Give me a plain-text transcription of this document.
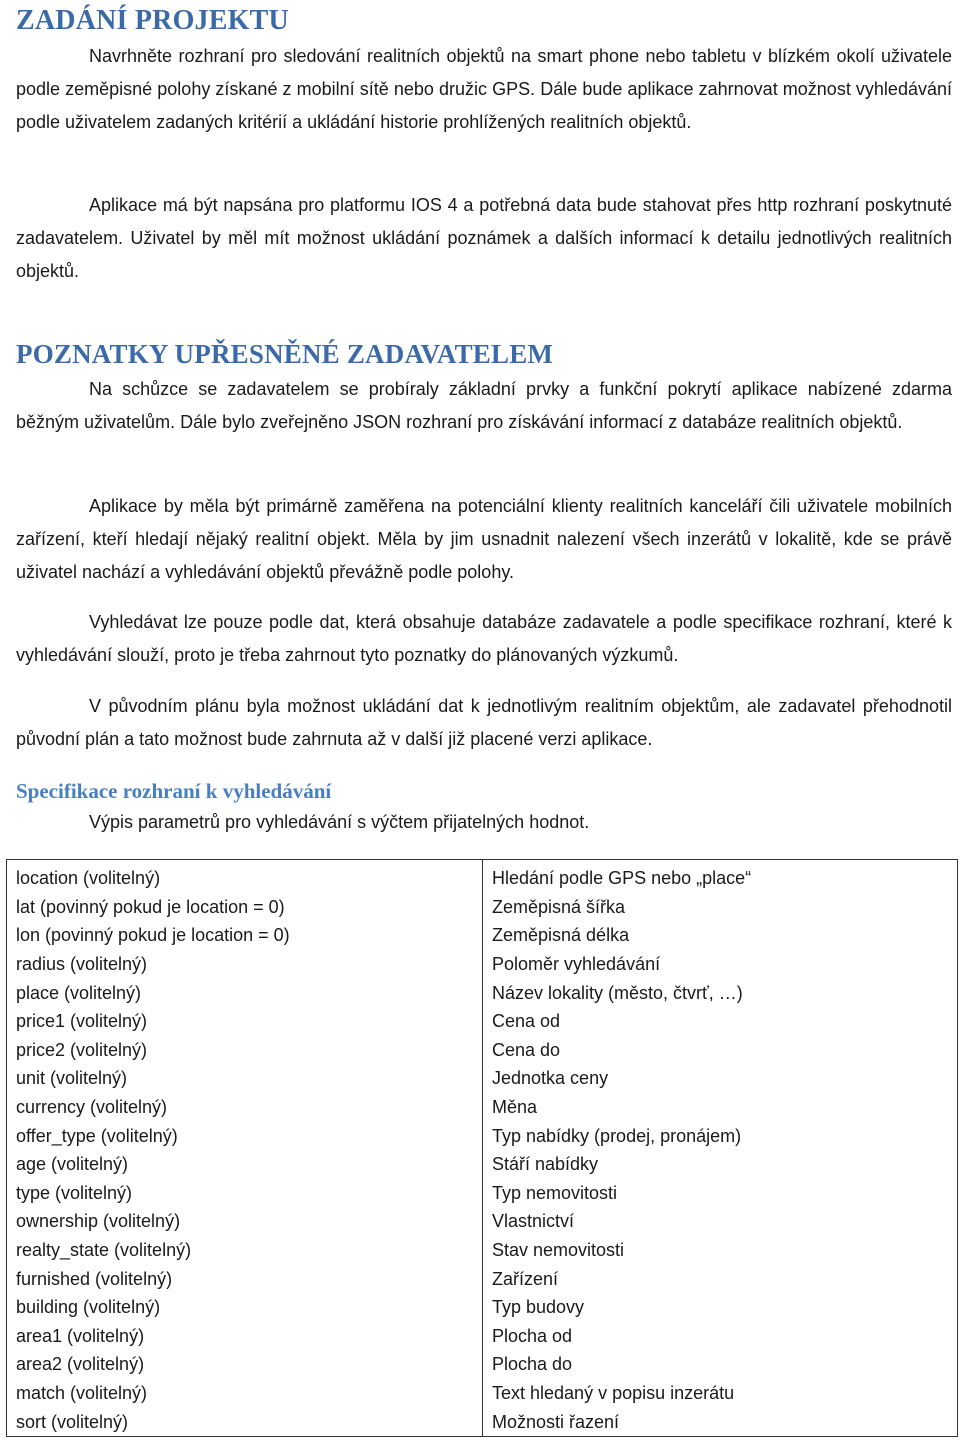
ZADÁNÍ PROJEKTU

Navrhněte rozhraní pro sledování realitních objektů na smart phone nebo tabletu v blízkém okolí uživatele podle zeměpisné polohy získané z mobilní sítě nebo družic GPS. Dále bude aplikace zahrnovat možnost vyhledávání podle uživatelem zadaných kritérií a ukládání historie prohlížených realitních objektů.

Aplikace má být napsána pro platformu IOS 4 a potřebná data bude stahovat přes http rozhraní poskytnuté zadavatelem. Uživatel by měl mít možnost ukládání poznámek a dalších informací k detailu jednotlivých realitních objektů.

POZNATKY UPŘESNĚNÉ ZADAVATELEM

Na schůzce se zadavatelem se probíraly základní prvky a funkční pokrytí aplikace nabízené zdarma běžným uživatelům. Dále bylo zveřejněno JSON rozhraní pro získávání informací z databáze realitních objektů.

Aplikace by měla být primárně zaměřena na potenciální klienty realitních kanceláří čili uživatele mobilních zařízení, kteří hledají nějaký realitní objekt. Měla by jim usnadnit nalezení všech inzerátů v lokalitě, kde se právě uživatel nachází a vyhledávání objektů převážně podle polohy.

Vyhledávat lze pouze podle dat, která obsahuje databáze zadavatele a podle specifikace rozhraní, které k vyhledávání slouží, proto je třeba zahrnout tyto poznatky do plánovaných výzkumů.

V původním plánu byla možnost ukládání dat k jednotlivým realitním objektům, ale zadavatel přehodnotil původní plán a tato možnost bude zahrnuta až v další již placené verzi aplikace.

Specifikace rozhraní k vyhledávání

Výpis parametrů pro vyhledávání s výčtem přijatelných hodnot.

location (volitelný)	Hledání podle GPS nebo „place“
lat (povinný pokud je location = 0)	Zeměpisná šířka
lon (povinný pokud je location = 0)	Zeměpisná délka
radius (volitelný)	Poloměr vyhledávání
place (volitelný)	Název lokality (město, čtvrť, …)
price1 (volitelný)	Cena od
price2 (volitelný)	Cena do
unit (volitelný)	Jednotka ceny
currency (volitelný)	Měna
offer_type (volitelný)	Typ nabídky (prodej, pronájem)
age (volitelný)	Stáří nabídky
type (volitelný)	Typ nemovitosti
ownership (volitelný)	Vlastnictví
realty_state (volitelný)	Stav nemovitosti
furnished (volitelný)	Zařízení
building (volitelný)	Typ budovy
area1 (volitelný)	Plocha od
area2 (volitelný)	Plocha do
match (volitelný)	Text hledaný v popisu inzerátu
sort (volitelný)	Možnosti řazení
